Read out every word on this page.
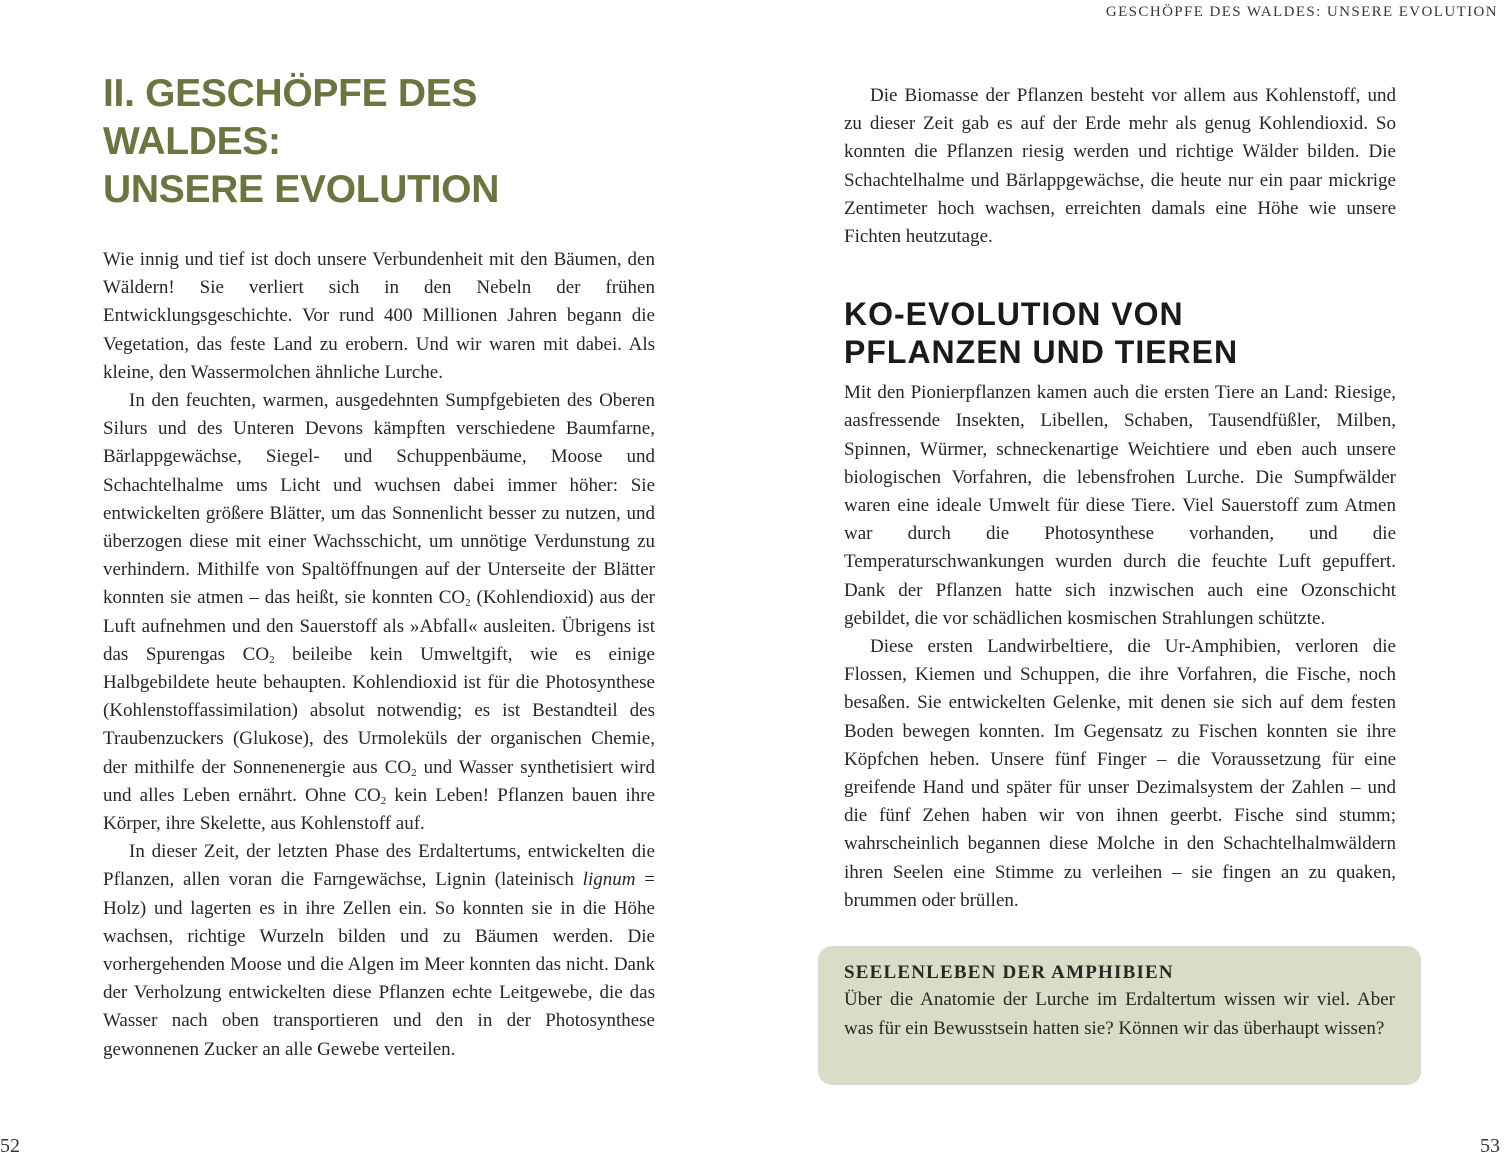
GESCHÖPFE DES WALDES: UNSERE EVOLUTION
II. GESCHÖPFE DES WALDES:
UNSERE EVOLUTION

Wie innig und tief ist doch unsere Verbundenheit mit den Bäumen, den Wäldern! Sie verliert sich in den Nebeln der frühen Entwicklungsgeschichte. Vor rund 400 Millionen Jahren begann die Vegetation, das feste Land zu erobern. Und wir waren mit dabei. Als kleine, den Wassermolchen ähnliche Lurche.

In den feuchten, warmen, ausgedehnten Sumpfgebieten des Oberen Silurs und des Unteren Devons kämpften verschiedene Baumfarne, Bärlappgewächse, Siegel- und Schuppenbäume, Moose und Schachtelhalme ums Licht und wuchsen dabei immer höher: Sie entwickelten größere Blätter, um das Sonnenlicht besser zu nutzen, und überzogen diese mit einer Wachsschicht, um unnötige Verdunstung zu verhindern. Mithilfe von Spaltöffnungen auf der Unterseite der Blätter konnten sie atmen – das heißt, sie konnten $CO_2$ (Kohlendioxid) aus der Luft aufnehmen und den Sauerstoff als »Abfall« ausleiten. Übrigens ist das Spurengas $CO_2$ beileibe kein Umweltgift, wie es einige Halbgebildete heute behaupten. Kohlendioxid ist für die Photosynthese (Kohlenstoffassimilation) absolut notwendig; es ist Bestandteil des Traubenzuckers (Glukose), des Urmoleküls der organischen Chemie, der mithilfe der Sonnenenergie aus $CO_2$ und Wasser synthetisiert wird und alles Leben ernährt. Ohne $CO_2$ kein Leben! Pflanzen bauen ihre Körper, ihre Skelette, aus Kohlenstoff auf.

In dieser Zeit, der letzten Phase des Erdaltertums, entwickelten die Pflanzen, allen voran die Farngewächse, Lignin (lateinisch lignum = Holz) und lagerten es in ihre Zellen ein. So konnten sie in die Höhe wachsen, richtige Wurzeln bilden und zu Bäumen werden. Die vorhergehenden Moose und die Algen im Meer konnten das nicht. Dank der Verholzung entwickelten diese Pflanzen echte Leitgewebe, die das Wasser nach oben transportieren und den in der Photosynthese gewonnenen Zucker an alle Gewebe verteilen.

Die Biomasse der Pflanzen besteht vor allem aus Kohlenstoff, und zu dieser Zeit gab es auf der Erde mehr als genug Kohlendioxid. So konnten die Pflanzen riesig werden und richtige Wälder bilden. Die Schachtelhalme und Bärlappgewächse, die heute nur ein paar mickrige Zentimeter hoch wachsen, erreichten damals eine Höhe wie unsere Fichten heutzutage.

KO-EVOLUTION VON
PFLANZEN UND TIEREN

Mit den Pionierpflanzen kamen auch die ersten Tiere an Land: Riesige, aasfressende Insekten, Libellen, Schaben, Tausendfüßler, Milben, Spinnen, Würmer, schneckenartige Weichtiere und eben auch unsere biologischen Vorfahren, die lebensfrohen Lurche. Die Sumpfwälder waren eine ideale Umwelt für diese Tiere. Viel Sauerstoff zum Atmen war durch die Photosynthese vorhanden, und die Temperaturschwankungen wurden durch die feuchte Luft gepuffert. Dank der Pflanzen hatte sich inzwischen auch eine Ozonschicht gebildet, die vor schädlichen kosmischen Strahlungen schützte.

Diese ersten Landwirbeltiere, die Ur-Amphibien, verloren die Flossen, Kiemen und Schuppen, die ihre Vorfahren, die Fische, noch besaßen. Sie entwickelten Gelenke, mit denen sie sich auf dem festen Boden bewegen konnten. Im Gegensatz zu Fischen konnten sie ihre Köpfchen heben. Unsere fünf Finger – die Voraussetzung für eine greifende Hand und später für unser Dezimalsystem der Zahlen – und die fünf Zehen haben wir von ihnen geerbt. Fische sind stumm; wahrscheinlich begannen diese Molche in den Schachtelhalmwäldern ihren Seelen eine Stimme zu verleihen – sie fingen an zu quaken, brummen oder brüllen.

SEELENLEBEN DER AMPHIBIEN

Über die Anatomie der Lurche im Erdaltertum wissen wir viel. Aber was für ein Bewusstsein hatten sie? Können wir das überhaupt wissen?

52	53
